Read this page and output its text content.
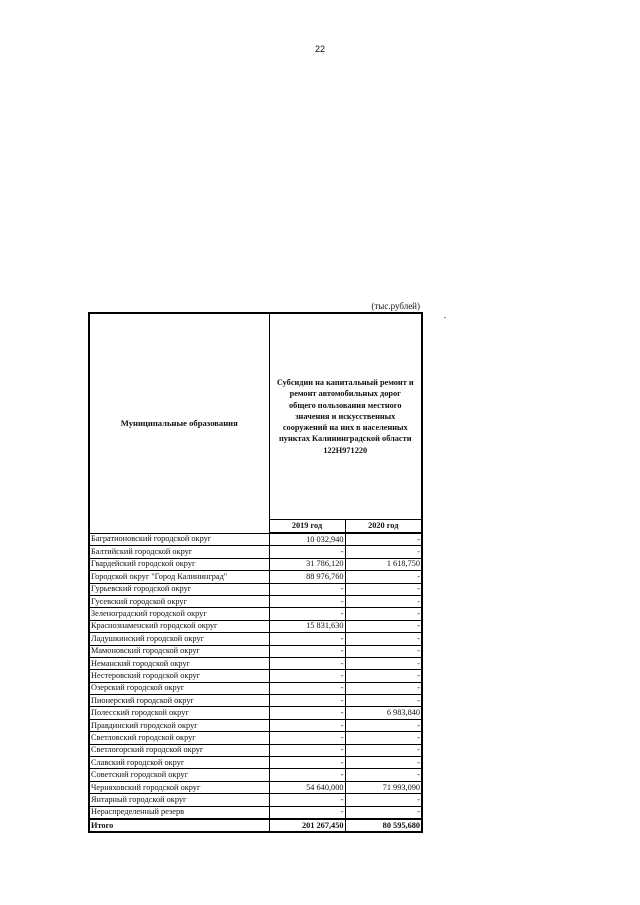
22
(тыс.рублей)
Муниципальные образования	Субсидии на капитальный ремонт и ремонт автомобильных дорог общего пользования местного значения и искусственных сооружений на них в населенных пунктах Калининградской области 122Н971220	
	2019 год	2020 год
Багратионовский городской округ	10 032,940	-
Балтийский городской округ	-	-
Гвардейский городской округ	31 786,120	1 618,750
Городской округ "Город Калининград"	88 976,760	-
Гурьевский городской округ	-	-
Гусевский городской округ	-	-
Зеленоградский городской округ	-	-
Краснознаменский городской округ	15 831,630	-
Ладушкинский городской округ	-	-
Мамоновский городской округ	-	-
Неманский городской округ	-	-
Нестеровский городской округ	-	-
Озерский городской округ	-	-
Пионерский городской округ	-	-
Полесский городской округ	-	6 983,840
Правдинский городской округ	-	-
Светловский городской округ	-	-
Светлогорский городской округ	-	-
Славский городской округ	-	-
Советский городской округ	-	-
Черняховский городской округ	54 640,000	71 993,090
Янтарный городской округ	-	-
Нераспределенный резерв	-	-
Итого	201 267,450	80 595,680
